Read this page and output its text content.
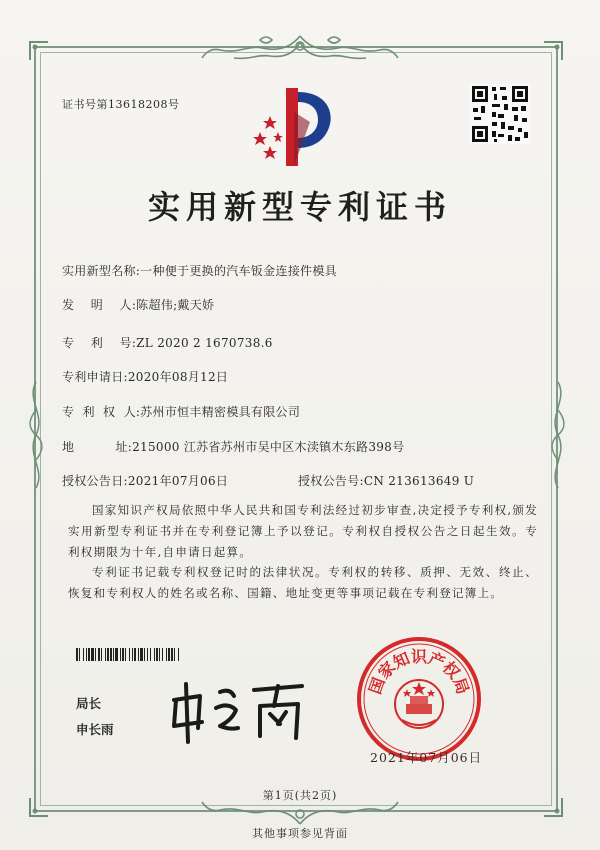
证书号第13618208号
实用新型专利证书
实用新型名称:一种便于更换的汽车钣金连接件模具
发    明    人:陈超伟;戴天娇
专    利    号:ZL 2020 2 1670738.6
专利申请日:2020年08月12日
专  利  权  人:苏州市恒丰精密模具有限公司
地          址:215000 江苏省苏州市吴中区木渎镇木东路398号
授权公告日:2021年07月06日	授权公告号:CN 213613649 U
国家知识产权局依照中华人民共和国专利法经过初步审查,决定授予专利权,颁发实用新型专利证书并在专利登记簿上予以登记。专利权自授权公告之日起生效。专利权期限为十年,自申请日起算。
专利证书记载专利权登记时的法律状况。专利权的转移、质押、无效、终止、恢复和专利权人的姓名或名称、国籍、地址变更等事项记载在专利登记簿上。
局长
申长雨
国
家
知
识
产
权
局
2021年07月06日
第1页(共2页)
其他事项参见背面
